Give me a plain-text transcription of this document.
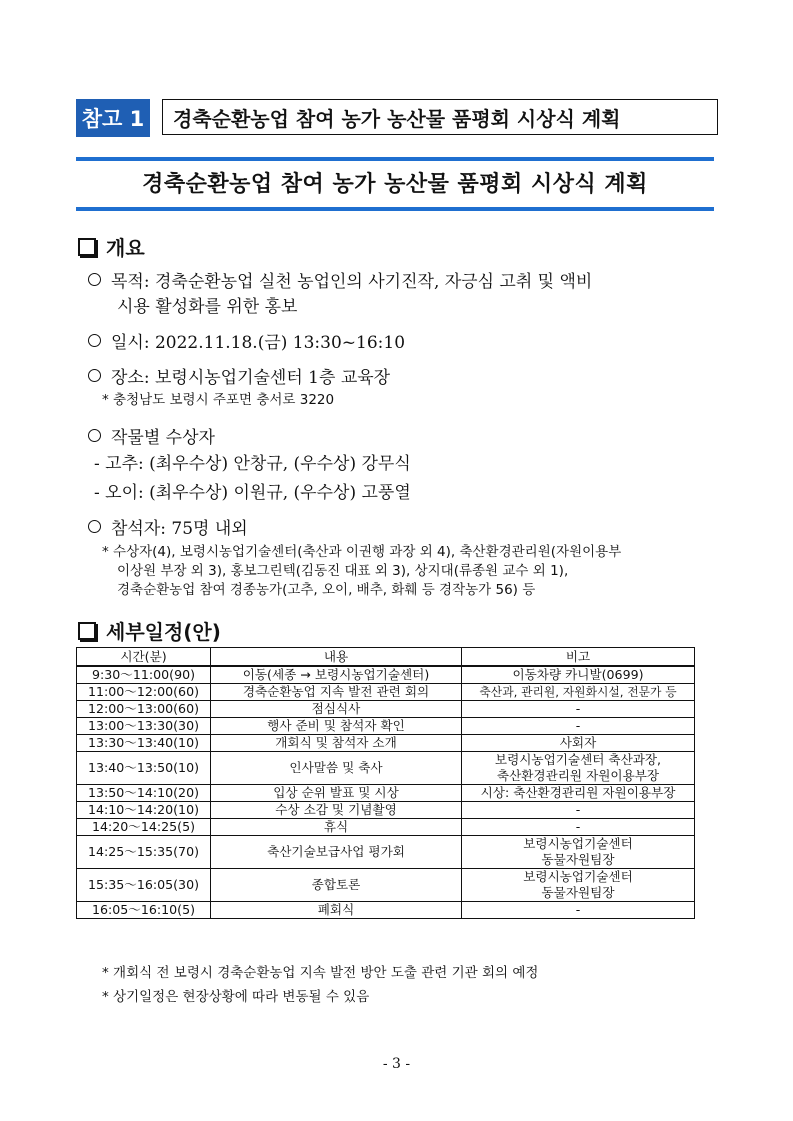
참고 1	경축순환농업 참여 농가 농산물 품평회 시상식 계획
경축순환농업 참여 농가 농산물 품평회 시상식 계획
개요
목적: 경축순환농업 실천 농업인의 사기진작, 자긍심 고취 및 액비
시용 활성화를 위한 홍보
일시: 2022.11.18.(금) 13:30~16:10
장소: 보령시농업기술센터 1층 교육장
* 충청남도 보령시 주포면 충서로 3220
작물별 수상자
- 고추: (최우수상) 안창규, (우수상) 강무식
- 오이: (최우수상) 이원규, (우수상) 고풍열
참석자: 75명 내외
* 수상자(4), 보령시농업기술센터(축산과 이권행 과장 외 4), 축산환경관리원(자원이용부
이상원 부장 외 3), 홍보그린텍(김동진 대표 외 3), 상지대(류종원 교수 외 1),
경축순환농업 참여 경종농가(고추, 오이, 배추, 화훼 등 경작농가 56) 등
세부일정(안)
시간(분)	내용	비고
9:30～11:00(90)	이동(세종 → 보령시농업기술센터)	이동차량 카니발(0699)
11:00～12:00(60)	경축순환농업 지속 발전 관련 회의	축산과, 관리원, 자원화시설, 전문가 등
12:00～13:00(60)	점심식사	-
13:00～13:30(30)	행사 준비 및 참석자 확인	-
13:30～13:40(10)	개회식 및 참석자 소개	사회자
13:40～13:50(10)	인사말씀 및 축사	보령시농업기술센터 축산과장,
축산환경관리원 자원이용부장
13:50～14:10(20)	입상 순위 발표 및 시상	시상: 축산환경관리원 자원이용부장
14:10～14:20(10)	수상 소감 및 기념촬영	-
14:20～14:25(5)	휴식	-
14:25～15:35(70)	축산기술보급사업 평가회	보령시농업기술센터
동물자원팀장
15:35～16:05(30)	종합토론	보령시농업기술센터
동물자원팀장
16:05～16:10(5)	폐회식	-
* 개회식 전 보령시 경축순환농업 지속 발전 방안 도출 관련 기관 회의 예정
* 상기일정은 현장상황에 따라 변동될 수 있음
- 3 -
